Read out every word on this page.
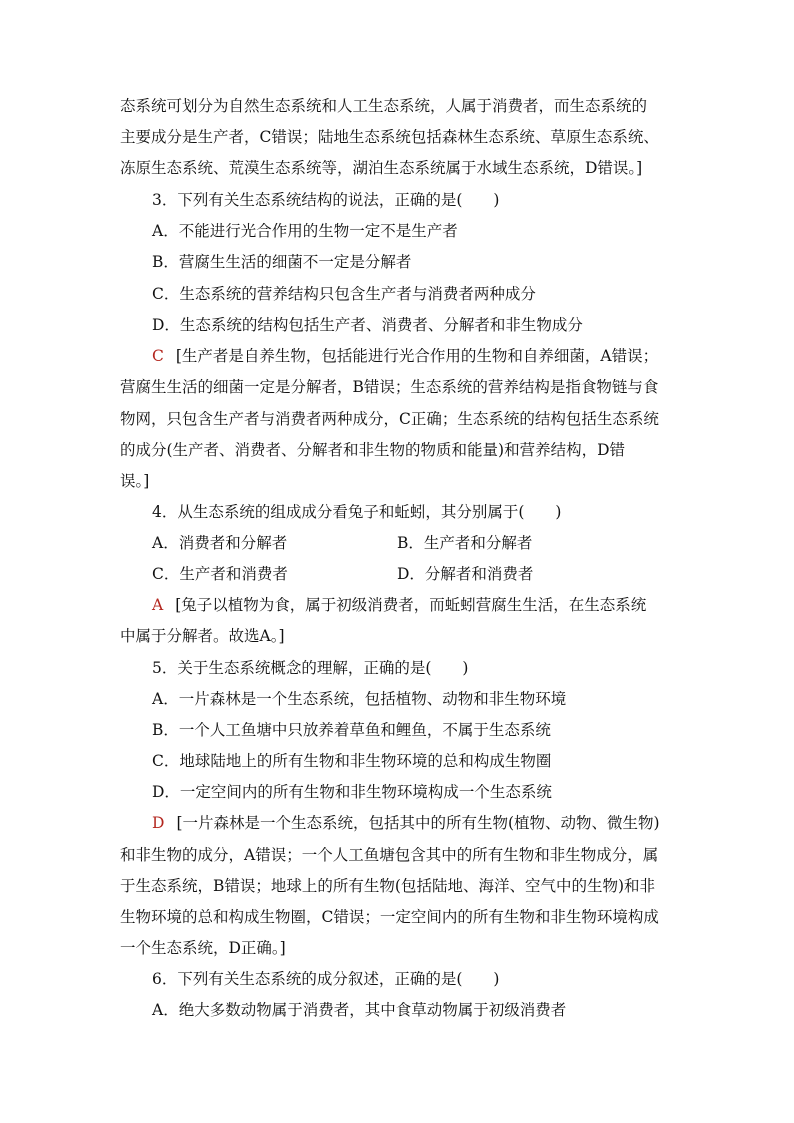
态系统可划分为自然生态系统和人工生态系统，人属于消费者，而生态系统的
主要成分是生产者，C错误；陆地生态系统包括森林生态系统、草原生态系统、
冻原生态系统、荒漠生态系统等，湖泊生态系统属于水域生态系统，D错误。]
3．下列有关生态系统结构的说法，正确的是(　　)
A．不能进行光合作用的生物一定不是生产者
B．营腐生生活的细菌不一定是分解者
C．生态系统的营养结构只包含生产者与消费者两种成分
D．生态系统的结构包括生产者、消费者、分解者和非生物成分
C [生产者是自养生物，包括能进行光合作用的生物和自养细菌，A错误；
营腐生生活的细菌一定是分解者，B错误；生态系统的营养结构是指食物链与食
物网，只包含生产者与消费者两种成分，C正确；生态系统的结构包括生态系统
的成分(生产者、消费者、分解者和非生物的物质和能量)和营养结构，D错
误。]
4．从生态系统的组成成分看兔子和蚯蚓，其分别属于(　　)
A．消费者和分解者	B．生产者和分解者
C．生产者和消费者	D．分解者和消费者
A [兔子以植物为食，属于初级消费者，而蚯蚓营腐生生活，在生态系统
中属于分解者。故选A。]
5．关于生态系统概念的理解，正确的是(　　)
A．一片森林是一个生态系统，包括植物、动物和非生物环境
B．一个人工鱼塘中只放养着草鱼和鲤鱼，不属于生态系统
C．地球陆地上的所有生物和非生物环境的总和构成生物圈
D．一定空间内的所有生物和非生物环境构成一个生态系统
D [一片森林是一个生态系统，包括其中的所有生物(植物、动物、微生物)
和非生物的成分，A错误；一个人工鱼塘包含其中的所有生物和非生物成分，属
于生态系统，B错误；地球上的所有生物(包括陆地、海洋、空气中的生物)和非
生物环境的总和构成生物圈，C错误；一定空间内的所有生物和非生物环境构成
一个生态系统，D正确。]
6．下列有关生态系统的成分叙述，正确的是(　　)
A．绝大多数动物属于消费者，其中食草动物属于初级消费者
